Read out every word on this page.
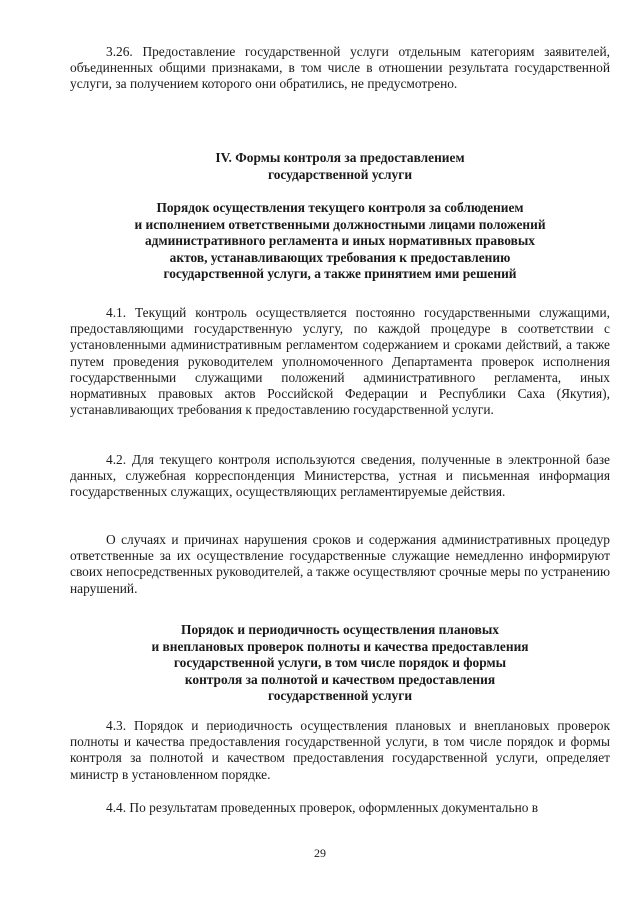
3.26. Предоставление государственной услуги отдельным категориям заявителей, объединенных общими признаками, в том числе в отношении результата государственной услуги, за получением которого они обратились, не предусмотрено.

IV. Формы контроля за предоставлением
государственной услуги
Порядок осуществления текущего контроля за соблюдением
и исполнением ответственными должностными лицами положений
административного регламента и иных нормативных правовых
актов, устанавливающих требования к предоставлению
государственной услуги, а также принятием ими решений

4.1. Текущий контроль осуществляется постоянно государственными служащими, предоставляющими государственную услугу, по каждой процедуре в соответствии с установленными административным регламентом содержанием и сроками действий, а также путем проведения руководителем уполномоченного Департамента проверок исполнения государственными служащими положений административного регламента, иных нормативных правовых актов Российской Федерации и Республики Саха (Якутия), устанавливающих требования к предоставлению государственной услуги.

4.2. Для текущего контроля используются сведения, полученные в электронной базе данных, служебная корреспонденция Министерства, устная и письменная информация государственных служащих, осуществляющих регламентируемые действия.

О случаях и причинах нарушения сроков и содержания административных процедур ответственные за их осуществление государственные служащие немедленно информируют своих непосредственных руководителей, а также осуществляют срочные меры по устранению нарушений.

Порядок и периодичность осуществления плановых
и внеплановых проверок полноты и качества предоставления
государственной услуги, в том числе порядок и формы
контроля за полнотой и качеством предоставления
государственной услуги

4.3. Порядок и периодичность осуществления плановых и внеплановых проверок полноты и качества предоставления государственной услуги, в том числе порядок и формы контроля за полнотой и качеством предоставления государственной услуги, определяет министр в установленном порядке.

4.4. По результатам проведенных проверок, оформленных документально в

29
